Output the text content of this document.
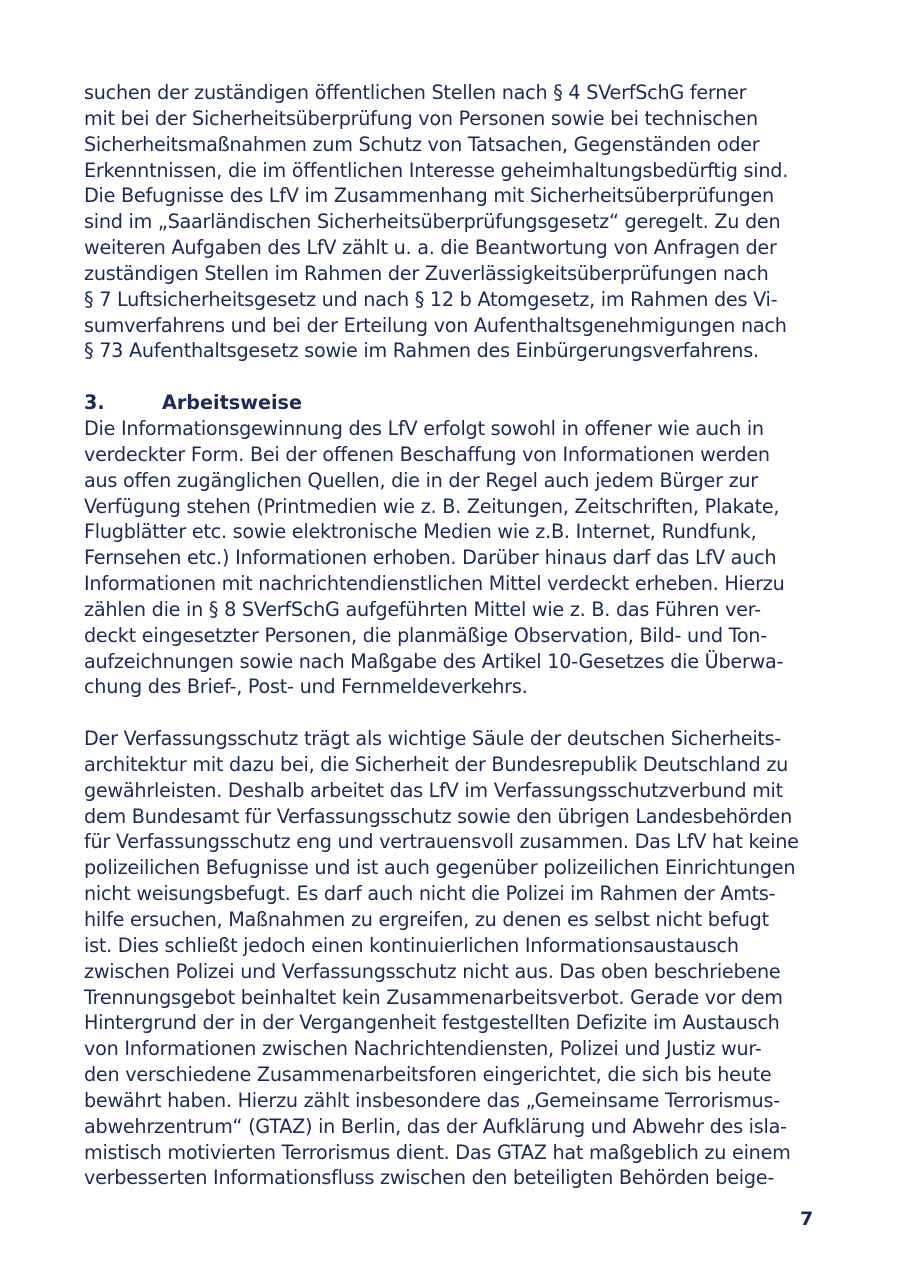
suchen der zuständigen öffentlichen Stellen nach § 4 SVerfSchG ferner
mit bei der Sicherheitsüberprüfung von Personen sowie bei technischen
Sicherheitsmaßnahmen zum Schutz von Tatsachen, Gegenständen oder
Erkenntnissen, die im öffentlichen Interesse geheimhaltungsbedürftig sind.
Die Befugnisse des LfV im Zusammenhang mit Sicherheitsüberprüfungen
sind im „Saarländischen Sicherheitsüberprüfungsgesetz“ geregelt. Zu den
weiteren Aufgaben des LfV zählt u. a. die Beantwortung von Anfragen der
zuständigen Stellen im Rahmen der Zuverlässigkeitsüberprüfungen nach
§ 7 Luftsicherheitsgesetz und nach § 12 b Atomgesetz, im Rahmen des Vi-
sumverfahrens und bei der Erteilung von Aufenthaltsgenehmigungen nach
§ 73 Aufenthaltsgesetz sowie im Rahmen des Einbürgerungsverfahrens.
3.	Arbeitsweise
Die Informationsgewinnung des LfV erfolgt sowohl in offener wie auch in
verdeckter Form. Bei der offenen Beschaffung von Informationen werden
aus offen zugänglichen Quellen, die in der Regel auch jedem Bürger zur
Verfügung stehen (Printmedien wie z. B. Zeitungen, Zeitschriften, Plakate,
Flugblätter etc. sowie elektronische Medien wie z.B. Internet, Rundfunk,
Fernsehen etc.) Informationen erhoben. Darüber hinaus darf das LfV auch
Informationen mit nachrichtendienstlichen Mittel verdeckt erheben. Hierzu
zählen die in § 8 SVerfSchG aufgeführten Mittel wie z. B. das Führen ver-
deckt eingesetzter Personen, die planmäßige Observation, Bild- und Ton-
aufzeichnungen sowie nach Maßgabe des Artikel 10-Gesetzes die Überwa-
chung des Brief-, Post- und Fernmeldeverkehrs.
Der Verfassungsschutz trägt als wichtige Säule der deutschen Sicherheits-
architektur mit dazu bei, die Sicherheit der Bundesrepublik Deutschland zu
gewährleisten. Deshalb arbeitet das LfV im Verfassungsschutzverbund mit
dem Bundesamt für Verfassungsschutz sowie den übrigen Landesbehörden
für Verfassungsschutz eng und vertrauensvoll zusammen. Das LfV hat keine
polizeilichen Befugnisse und ist auch gegenüber polizeilichen Einrichtungen
nicht weisungsbefugt. Es darf auch nicht die Polizei im Rahmen der Amts-
hilfe ersuchen, Maßnahmen zu ergreifen, zu denen es selbst nicht befugt
ist. Dies schließt jedoch einen kontinuierlichen Informationsaustausch
zwischen Polizei und Verfassungsschutz nicht aus. Das oben beschriebene
Trennungsgebot beinhaltet kein Zusammenarbeitsverbot. Gerade vor dem
Hintergrund der in der Vergangenheit festgestellten Defizite im Austausch
von Informationen zwischen Nachrichtendiensten, Polizei und Justiz wur-
den verschiedene Zusammenarbeitsforen eingerichtet, die sich bis heute
bewährt haben. Hierzu zählt insbesondere das „Gemeinsame Terrorismus-
abwehrzentrum“ (GTAZ) in Berlin, das der Aufklärung und Abwehr des isla-
mistisch motivierten Terrorismus dient. Das GTAZ hat maßgeblich zu einem
verbesserten Informationsfluss zwischen den beteiligten Behörden beige-
7
